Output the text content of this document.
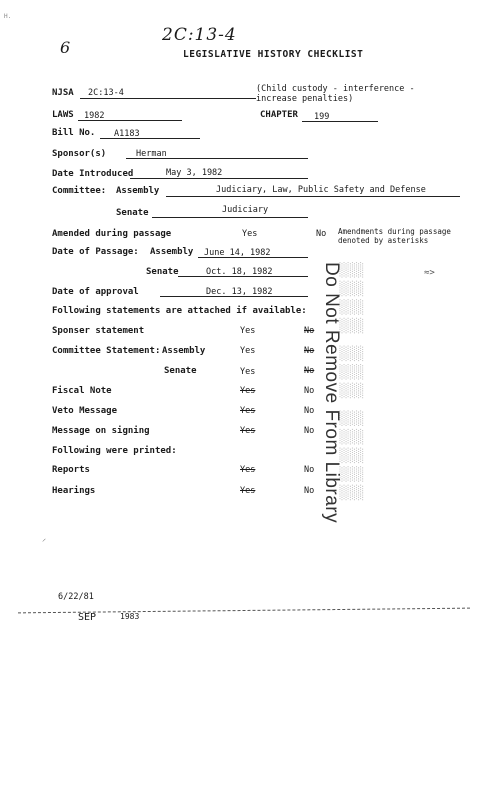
H.
6
2C:13-4
LEGISLATIVE HISTORY CHECKLIST
NJSA 2C:13-4	(Child custody - interference - increase penalties)
LAWS 1982	CHAPTER 199
Bill No. A1183
Sponsor(s)	Herman
Date Introduced	May 3, 1982
Committee: Assembly	Judiciary, Law, Public Safety and Defense
Senate	Judiciary
Amended during passage	Yes	No Amendments during passage denoted by asterisks
Date of Passage: Assembly June 14, 1982
Senate	Oct. 18, 1982
Date of approval	Dec. 13, 1982
Following statements are attached if available:
Sponser statement	Yes	No
Committee Statement: Assembly	Yes	No
Senate	Yes	No
Fiscal Note	Yes	No
Veto Message	Yes	No
Message on signing	Yes	No
Following were printed:
Reports	Yes	No
Hearings	Yes	No ▒▒▒▒ ▒▒▒ ▒▒▒▒▒
Do Not Remove From Library	≈>
⸝
6/22/81
SEP	1983
